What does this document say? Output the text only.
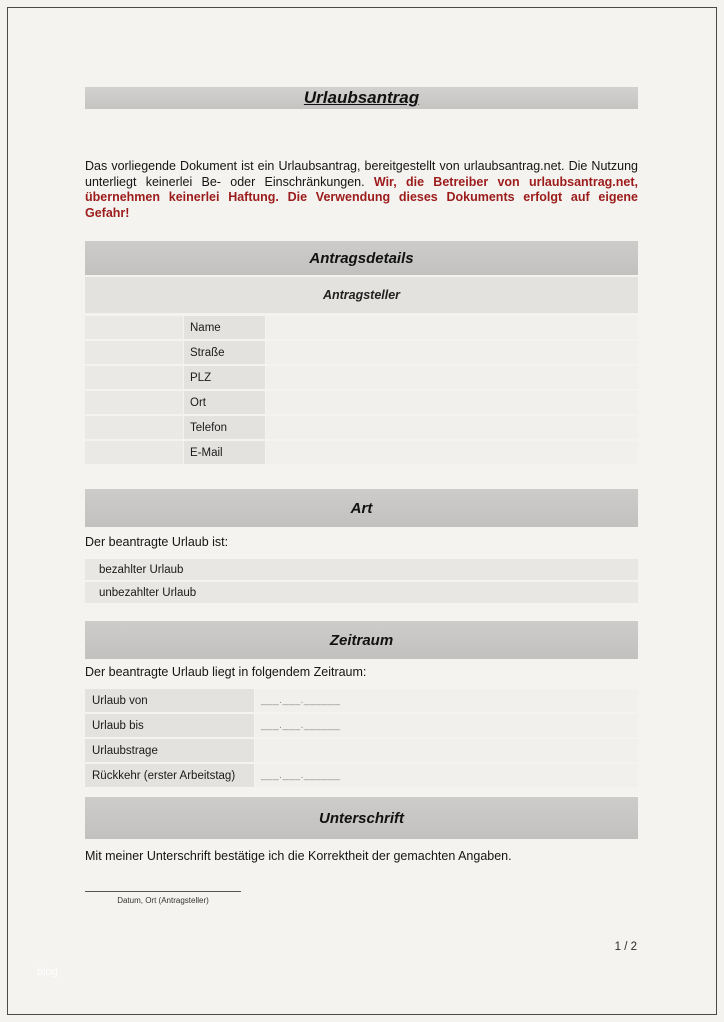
Urlaubsantrag

Das vorliegende Dokument ist ein Urlaubsantrag, bereitgestellt von urlaubsantrag.net. Die Nutzung unterliegt keinerlei Be- oder Einschränkungen. Wir, die Betreiber von urlaubsantrag.net, übernehmen keinerlei Haftung. Die Verwendung dieses Dokuments erfolgt auf eigene Gefahr!

Antragsdetails
Antragsteller
Name
Straße
PLZ
Ort
Telefon
E-Mail
Art

Der beantragte Urlaub ist:

bezahlter Urlaub
unbezahlter Urlaub
Zeitraum

Der beantragte Urlaub liegt in folgendem Zeitraum:

Urlaub von	___.___.______
Urlaub bis	___.___.______
Urlaubstrage
Rückkehr (erster Arbeitstag)	___.___.______
Unterschrift

Mit meiner Unterschrift bestätige ich die Korrektheit der gemachten Angaben.

Datum, Ort (Antragsteller)
1 / 2
blog
